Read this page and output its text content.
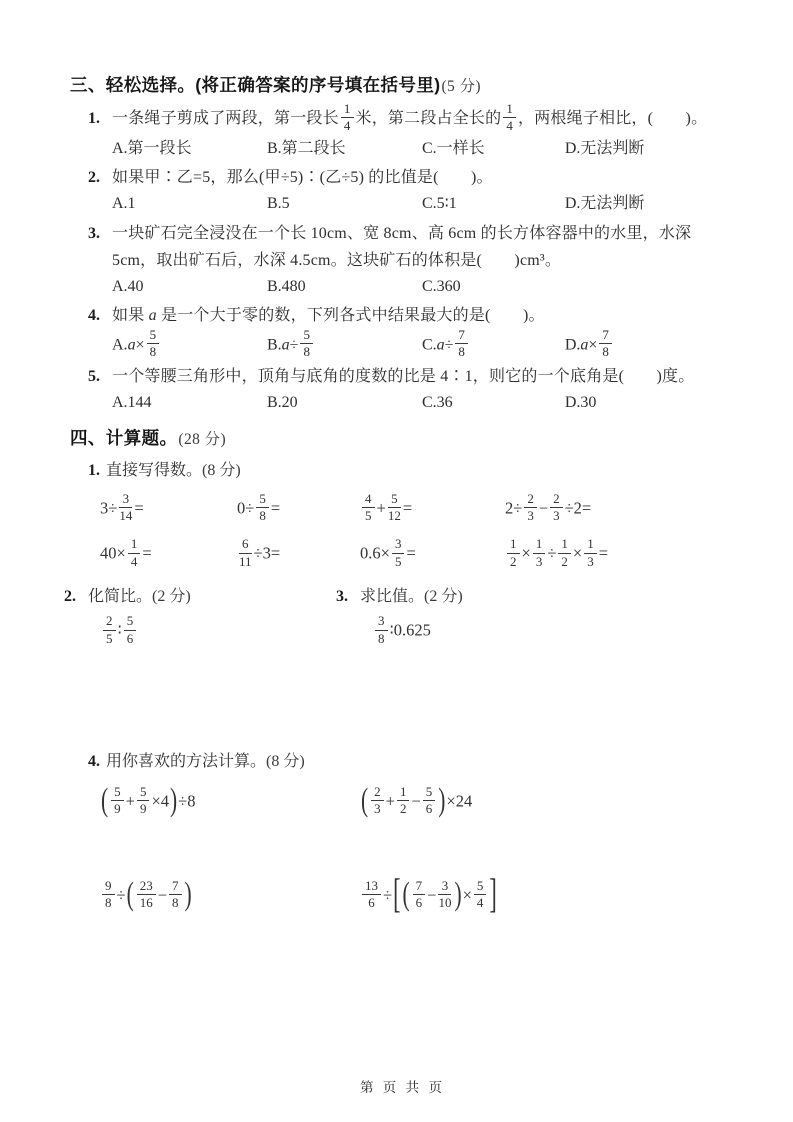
三、轻松选择。(将正确答案的序号填在括号里)(5 分)
1. 一条绳子剪成了两段，第一段长 $\frac{1}{4}$ 米，第二段占全长的 $\frac{1}{4}$ ，两根绳子相比，(　　)。
A.第一段长	B.第二段长	C.一样长	D.无法判断
2. 如果甲∶乙=5，那么(甲÷5)∶(乙÷5) 的比值是(　　)。
A.1	B.5	C.5∶1	D.无法判断
3. 一块矿石完全浸没在一个长 10cm、宽 8cm、高 6cm 的长方体容器中的水里，水深 5cm，取出矿石后，水深 4.5cm。这块矿石的体积是(　　)cm³。
A.40	B.480	C.360
4. 如果 a 是一个大于零的数，下列各式中结果最大的是(　　)。
$A.a\times \frac{5}{8}$	$B.a\div \frac{5}{8}$	$C.a\div \frac{7}{8}$	$D.a\times \frac{7}{8}$
5. 一个等腰三角形中，顶角与底角的度数的比是 4∶1，则它的一个底角是(　　)度。
A.144	B.20	C.36	D.30
四、计算题。(28 分)
1. 直接写得数。(8 分)
$3\div \frac{3}{14}$ =	$0\div \frac{5}{8}$ =	$\frac{4}{5} + \frac{5}{12}$ =	$2\div \frac{2}{3} - \frac{2}{3} \div 2=$
$40\times \frac{1}{4}$ =	$\frac{6}{11} \div 3=$	$0.6\times \frac{3}{5}$ =	$\frac{1}{2} \times \frac{1}{3} \div \frac{1}{2} \times \frac{1}{3}$ =
2. 化简比。(2 分)	3. 求比值。(2 分)
$\frac{2}{5}$ ∶ $\frac{5}{6}$	$\frac{3}{8}$ ∶0.625
4. 用你喜欢的方法计算。(8 分)
( $\frac{5}{9} + \frac{5}{9} \times 4)\div 8$	( $\frac{2}{3} + \frac{1}{2} - \frac{5}{6} )\times 24$
$\frac{9}{8}$ ÷( $\frac{23}{16} - \frac{7}{8}$ )	$\frac{13}{6}$ ÷[( $\frac{7}{6} - \frac{3}{10}$ )× $\frac{5}{4}$ ]
第 页 共 页
